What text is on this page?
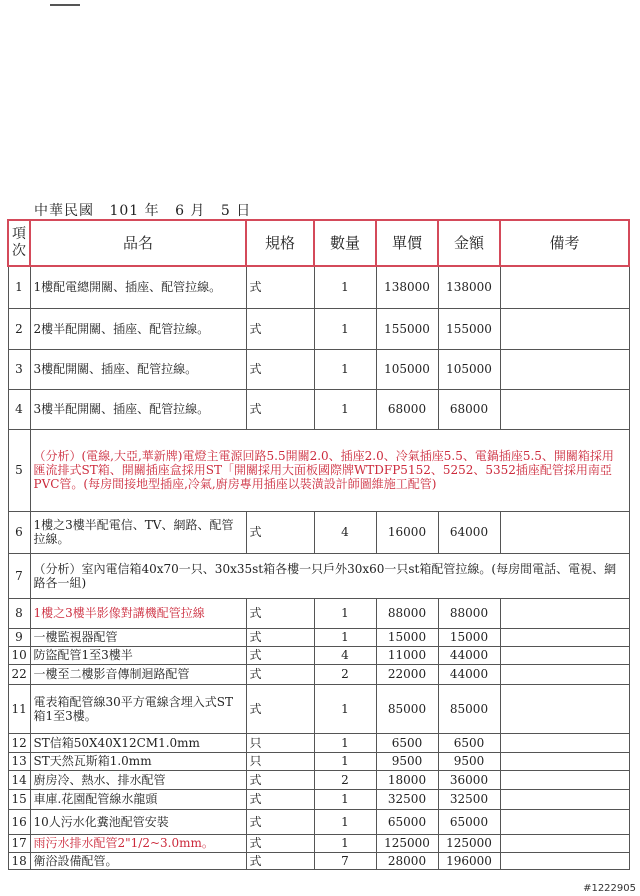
中華民國 101 年 6 月 5 日
項次	品名	規格	數量	單價	金額	備考
1	1樓配電總開關、插座、配管拉線。	式	1	138000	138000	
2	2樓半配開關、插座、配管拉線。	式	1	155000	155000	
3	3樓配開關、插座、配管拉線。	式	1	105000	105000	
4	3樓半配開關、插座、配管拉線。	式	1	68000	68000	
5	（分析）(電線,大亞,華新牌)電燈主電源回路5.5開關2.0、插座2.0、冷氣插座5.5、電鍋插座5.5、開關箱採用匯流排式ST箱、開關插座盒採用ST「開關採用大面板國際牌WTDFP5152、5252、5352插座配管採用南亞PVC管。(每房間接地型插座,冷氣,廚房專用插座以裝潢設計師圖維施工配管)					
6	1樓之3樓半配電信、TV、網路、配管拉線。	式	4	16000	64000	
7	（分析）室內電信箱40x70一只、30x35st箱各樓一只戶外30x60一只st箱配管拉線。(每房間電話、電視、網路各一組)					
8	1樓之3樓半影像對講機配管拉線	式	1	88000	88000	
9	一樓監視器配管	式	1	15000	15000	
10	防盜配管1至3樓半	式	4	11000	44000	
22	一樓至二樓影音傳制迴路配管	式	2	22000	44000	
11	電表箱配管線30平方電線含埋入式ST箱1至3樓。	式	1	85000	85000	
12	ST信箱50X40X12CM1.0mm	只	1	6500	6500	
13	ST天然瓦斯箱1.0mm	只	1	9500	9500	
14	廚房冷、熱水、排水配管	式	2	18000	36000	
15	車庫.花園配管線水龍頭	式	1	32500	32500	
16	10人污水化糞池配管安裝	式	1	65000	65000	
17	雨污水排水配管2"1/2~3.0mm。	式	1	125000	125000	
18	衛浴設備配管。	式	7	28000	196000	
#1222905
